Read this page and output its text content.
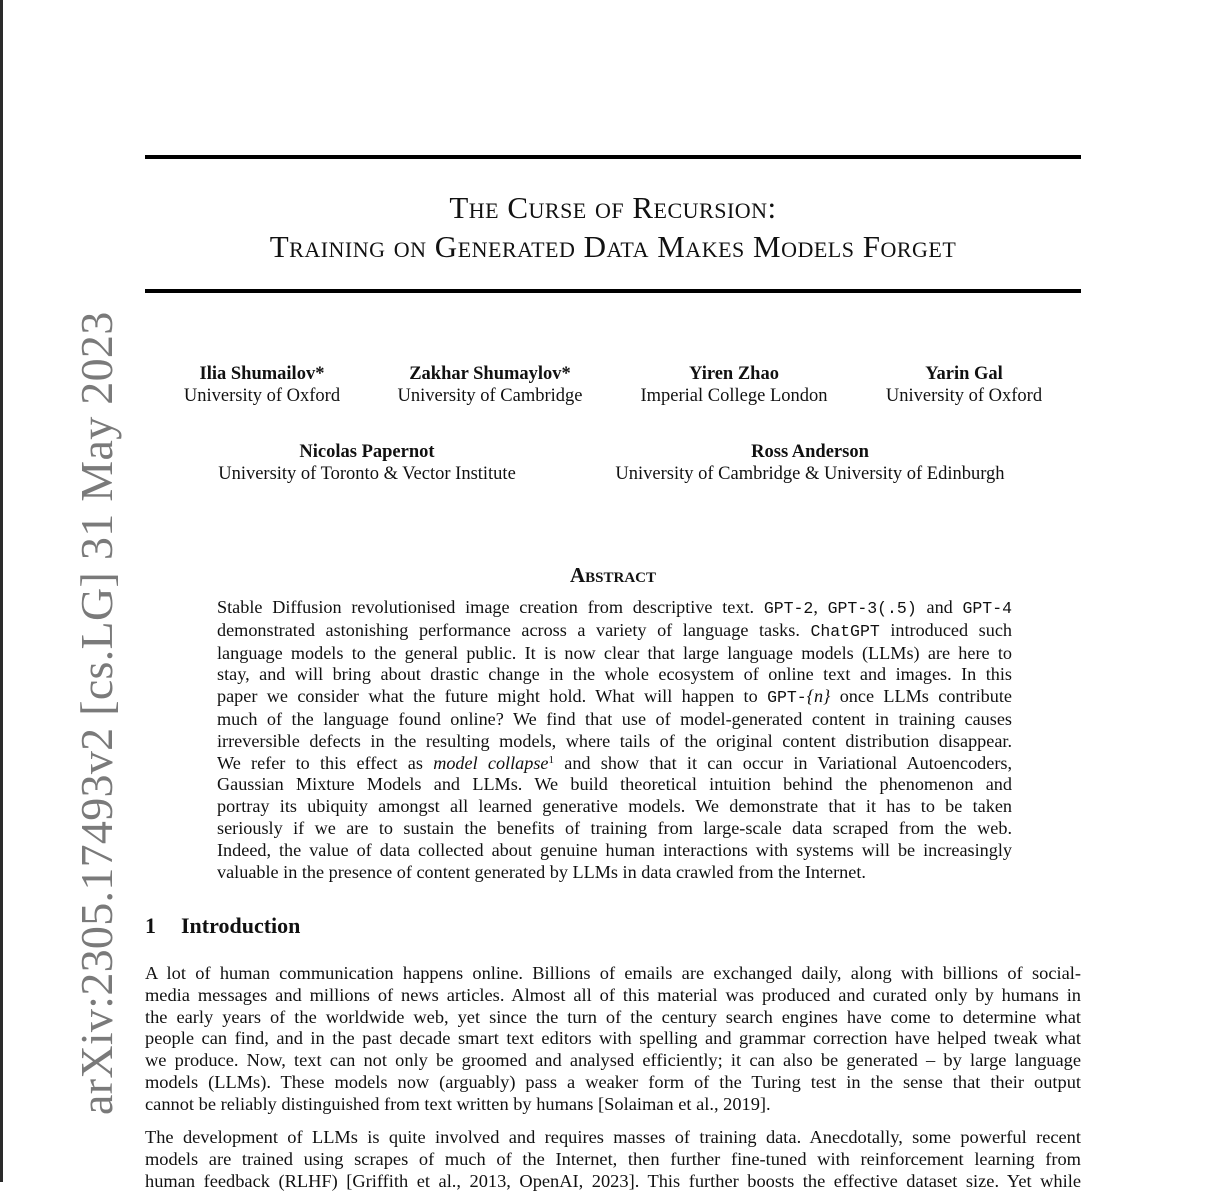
arXiv:2305.17493v2 [cs.LG] 31 May 2023
The Curse of Recursion:
Training on Generated Data Makes Models Forget
Ilia Shumailov*
University of Oxford
Zakhar Shumaylov*
University of Cambridge
Yiren Zhao
Imperial College London
Yarin Gal
University of Oxford
Nicolas Papernot
University of Toronto & Vector Institute
Ross Anderson
University of Cambridge & University of Edinburgh
Abstract
Stable Diffusion revolutionised image creation from descriptive text. GPT-2, GPT-3(.5) and GPT-4
demonstrated astonishing performance across a variety of language tasks. ChatGPT introduced such
language models to the general public. It is now clear that large language models (LLMs) are here to
stay, and will bring about drastic change in the whole ecosystem of online text and images. In this
paper we consider what the future might hold. What will happen to GPT-{n} once LLMs contribute
much of the language found online? We find that use of model-generated content in training causes
irreversible defects in the resulting models, where tails of the original content distribution disappear.
We refer to this effect as model collapse$^1$ and show that it can occur in Variational Autoencoders,
Gaussian Mixture Models and LLMs. We build theoretical intuition behind the phenomenon and
portray its ubiquity amongst all learned generative models. We demonstrate that it has to be taken
seriously if we are to sustain the benefits of training from large-scale data scraped from the web.
Indeed, the value of data collected about genuine human interactions with systems will be increasingly
valuable in the presence of content generated by LLMs in data crawled from the Internet.
1 Introduction
A lot of human communication happens online. Billions of emails are exchanged daily, along with billions of social-
media messages and millions of news articles. Almost all of this material was produced and curated only by humans in
the early years of the worldwide web, yet since the turn of the century search engines have come to determine what
people can find, and in the past decade smart text editors with spelling and grammar correction have helped tweak what
we produce. Now, text can not only be groomed and analysed efficiently; it can also be generated – by large language
models (LLMs). These models now (arguably) pass a weaker form of the Turing test in the sense that their output
cannot be reliably distinguished from text written by humans [Solaiman et al., 2019].
The development of LLMs is quite involved and requires masses of training data. Anecdotally, some powerful recent
models are trained using scrapes of much of the Internet, then further fine-tuned with reinforcement learning from
human feedback (RLHF) [Griffith et al., 2013, OpenAI, 2023]. This further boosts the effective dataset size. Yet while
